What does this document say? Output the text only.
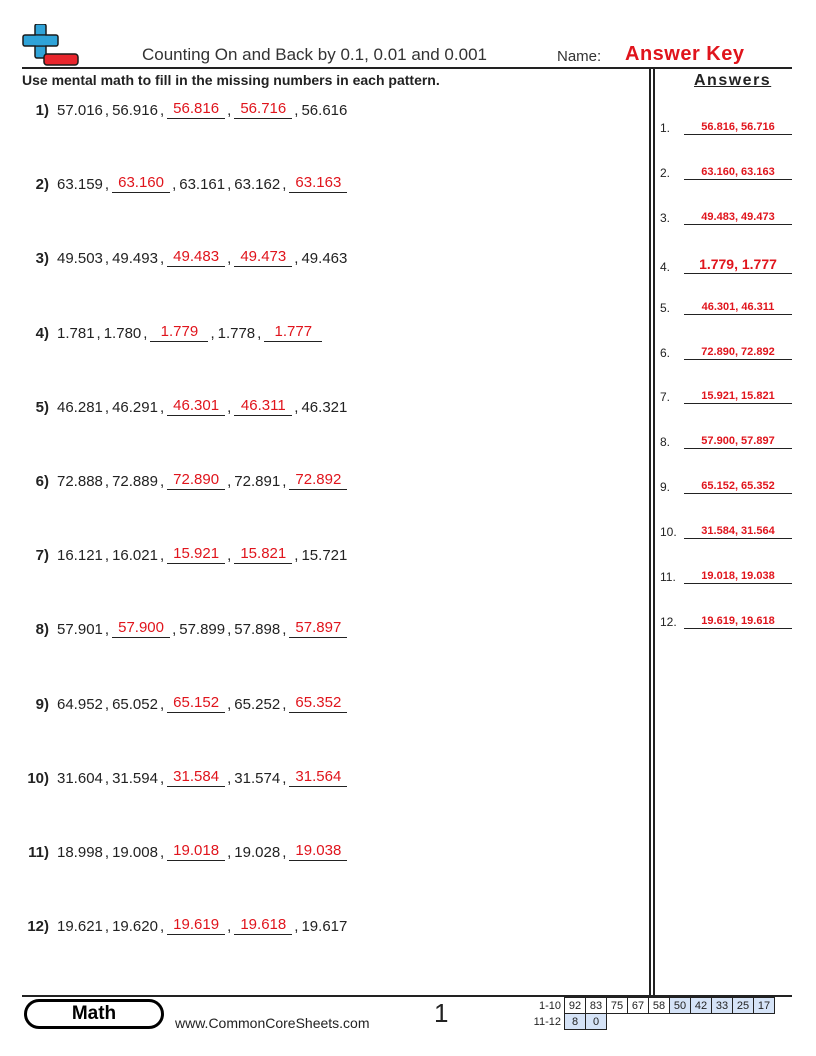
Counting On and Back by 0.1, 0.01 and 0.001	Name: Answer Key
Use mental math to fill in the missing numbers in each pattern.	Answers
1) 57.016 , 56.916 , 56.816 , 56.716 , 56.616
2) 63.159 , 63.160 , 63.161 , 63.162 , 63.163
3) 49.503 , 49.493 , 49.483 , 49.473 , 49.463
4) 1.781 , 1.780 , 1.779 , 1.778 , 1.777
5) 46.281 , 46.291 , 46.301 , 46.311 , 46.321
6) 72.888 , 72.889 , 72.890 , 72.891 , 72.892
7) 16.121 , 16.021 , 15.921 , 15.821 , 15.721
8) 57.901 , 57.900 , 57.899 , 57.898 , 57.897
9) 64.952 , 65.052 , 65.152 , 65.252 , 65.352
10) 31.604 , 31.594 , 31.584 , 31.574 , 31.564
11) 18.998 , 19.008 , 19.018 , 19.028 , 19.038
12) 19.621 , 19.620 , 19.619 , 19.618 , 19.617
1.	56.816, 56.716
2.	63.160, 63.163
3.	49.483, 49.473
4.	1.779, 1.777
5.	46.301, 46.311
6.	72.890, 72.892
7.	15.921, 15.821
8.	57.900, 57.897
9.	65.152, 65.352
10.	31.584, 31.564
11.	19.018, 19.038
12.	19.619, 19.618
Math	www.CommonCoreSheets.com 1	1-10	92	83	75	67	58	50	42	33	25	17
11-12	8	0								
